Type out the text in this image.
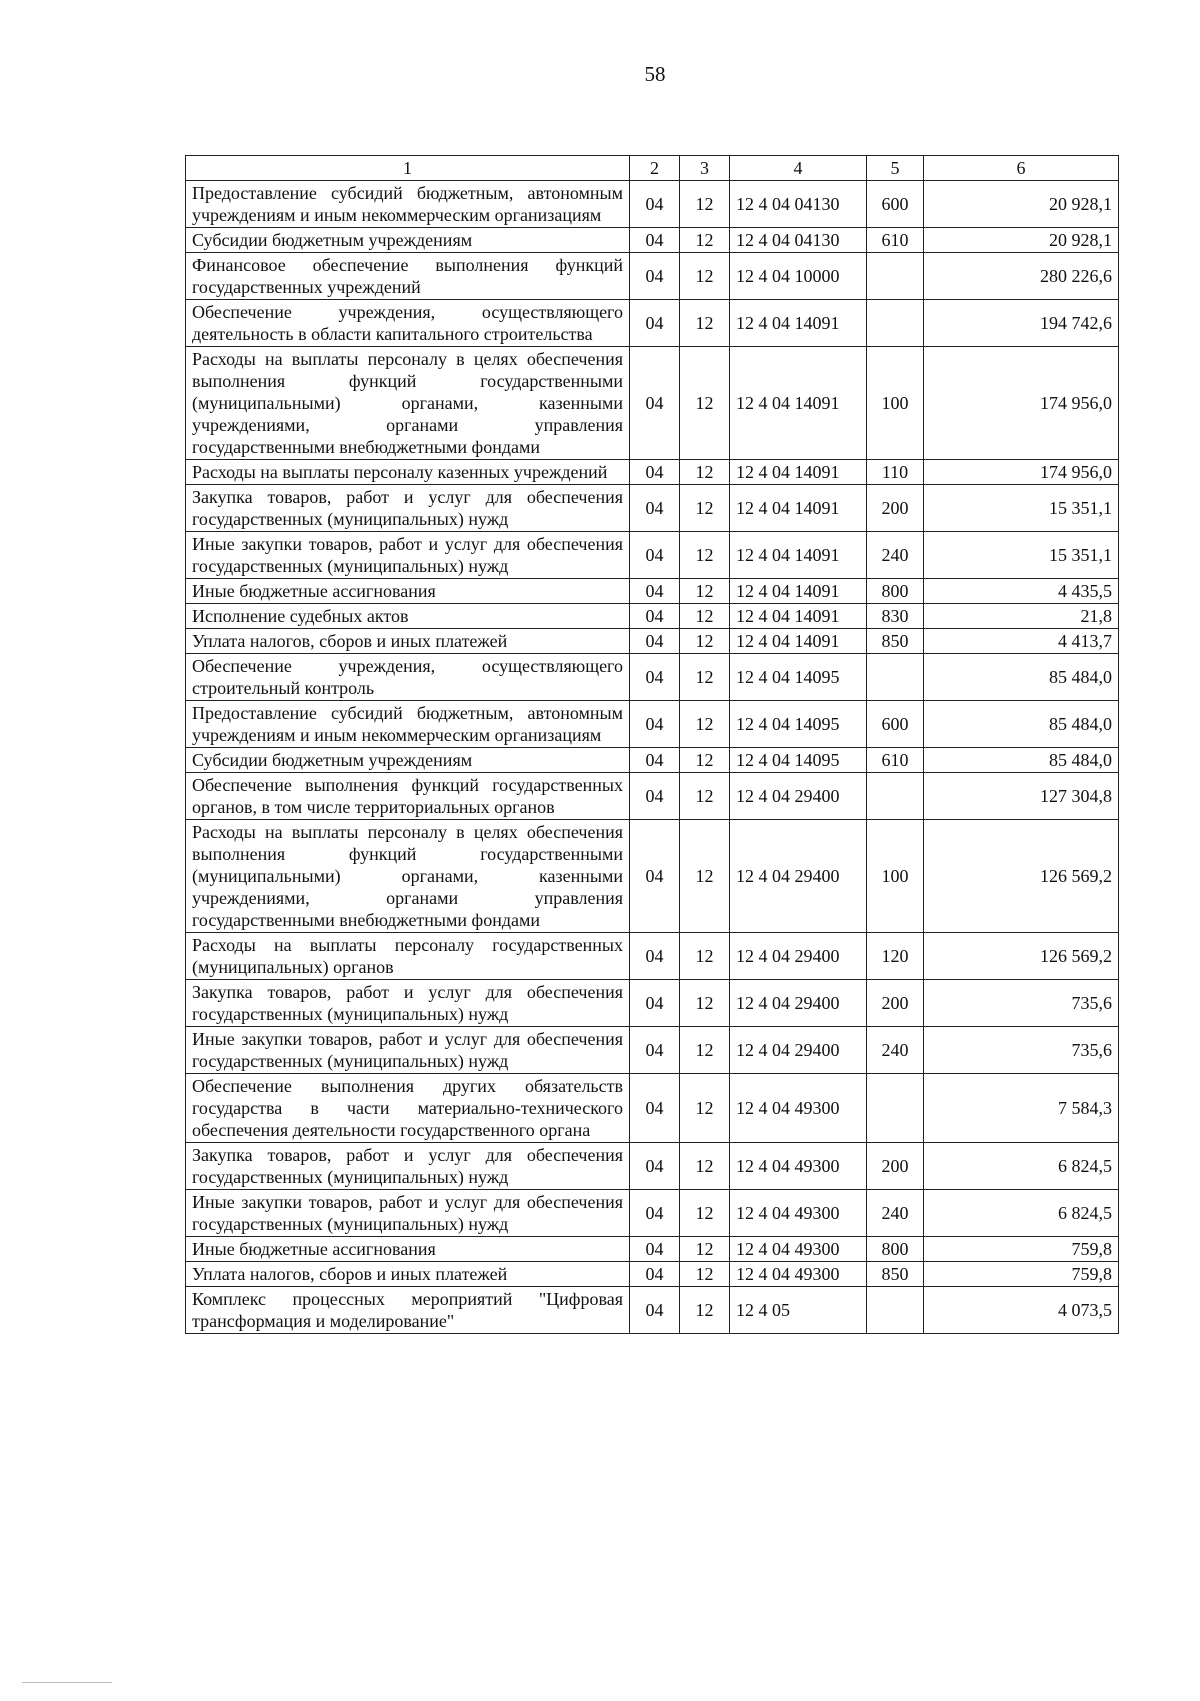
58
1	2	3	4	5	6
Предоставление субсидий бюджетным, автономным учреждениям и иным некоммерческим организациям	04	12	12 4 04 04130	600	20 928,1
Субсидии бюджетным учреждениям	04	12	12 4 04 04130	610	20 928,1
Финансовое обеспечение выполнения функций государственных учреждений	04	12	12 4 04 10000		280 226,6
Обеспечение учреждения, осуществляющего деятельность в области капитального строительства	04	12	12 4 04 14091		194 742,6
Расходы на выплаты персоналу в целях обеспечения выполнения функций государственными (муниципальными) органами, казенными учреждениями, органами управления государственными внебюджетными фондами	04	12	12 4 04 14091	100	174 956,0
Расходы на выплаты персоналу казенных учреждений	04	12	12 4 04 14091	110	174 956,0
Закупка товаров, работ и услуг для обеспечения государственных (муниципальных) нужд	04	12	12 4 04 14091	200	15 351,1
Иные закупки товаров, работ и услуг для обеспечения государственных (муниципальных) нужд	04	12	12 4 04 14091	240	15 351,1
Иные бюджетные ассигнования	04	12	12 4 04 14091	800	4 435,5
Исполнение судебных актов	04	12	12 4 04 14091	830	21,8
Уплата налогов, сборов и иных платежей	04	12	12 4 04 14091	850	4 413,7
Обеспечение учреждения, осуществляющего строительный контроль	04	12	12 4 04 14095		85 484,0
Предоставление субсидий бюджетным, автономным учреждениям и иным некоммерческим организациям	04	12	12 4 04 14095	600	85 484,0
Субсидии бюджетным учреждениям	04	12	12 4 04 14095	610	85 484,0
Обеспечение выполнения функций государственных органов, в том числе территориальных органов	04	12	12 4 04 29400		127 304,8
Расходы на выплаты персоналу в целях обеспечения выполнения функций государственными (муниципальными) органами, казенными учреждениями, органами управления государственными внебюджетными фондами	04	12	12 4 04 29400	100	126 569,2
Расходы на выплаты персоналу государственных (муниципальных) органов	04	12	12 4 04 29400	120	126 569,2
Закупка товаров, работ и услуг для обеспечения государственных (муниципальных) нужд	04	12	12 4 04 29400	200	735,6
Иные закупки товаров, работ и услуг для обеспечения государственных (муниципальных) нужд	04	12	12 4 04 29400	240	735,6
Обеспечение выполнения других обязательств государства в части материально-технического обеспечения деятельности государственного органа	04	12	12 4 04 49300		7 584,3
Закупка товаров, работ и услуг для обеспечения государственных (муниципальных) нужд	04	12	12 4 04 49300	200	6 824,5
Иные закупки товаров, работ и услуг для обеспечения государственных (муниципальных) нужд	04	12	12 4 04 49300	240	6 824,5
Иные бюджетные ассигнования	04	12	12 4 04 49300	800	759,8
Уплата налогов, сборов и иных платежей	04	12	12 4 04 49300	850	759,8
Комплекс процессных мероприятий "Цифровая трансформация и моделирование"	04	12	12 4 05		4 073,5
